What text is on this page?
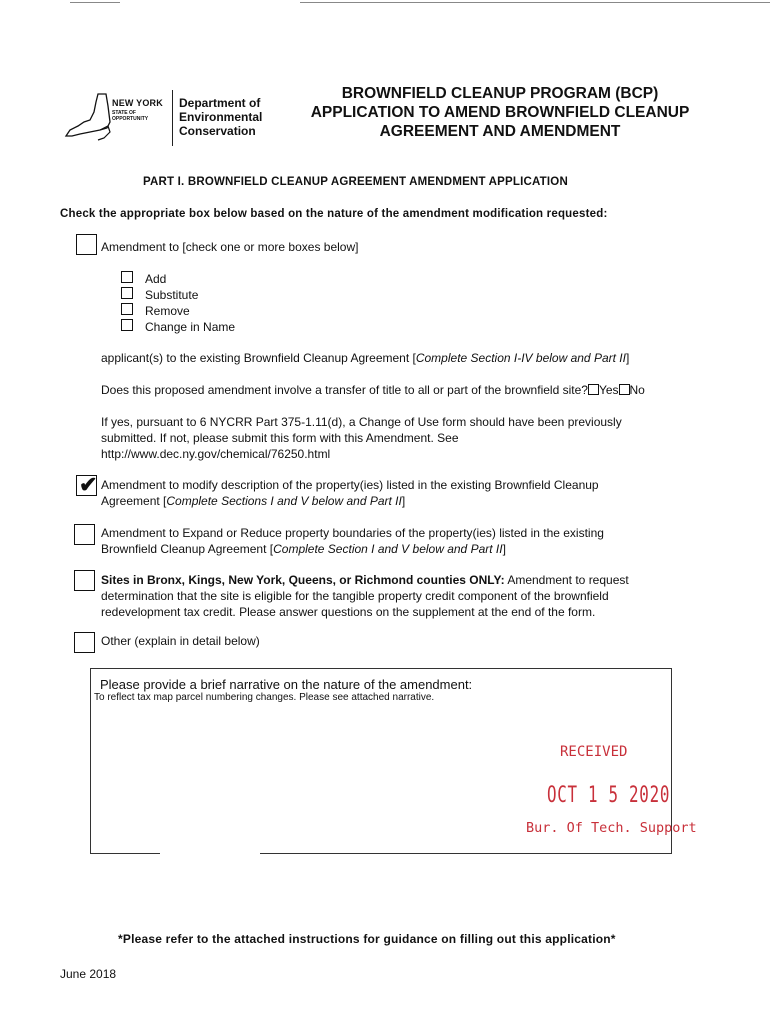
NEW YORK
STATE OF OPPORTUNITY
Department of Environmental Conservation
BROWNFIELD CLEANUP PROGRAM (BCP)
APPLICATION TO AMEND BROWNFIELD CLEANUP
AGREEMENT AND AMENDMENT
PART I. BROWNFIELD CLEANUP AGREEMENT AMENDMENT APPLICATION
Check the appropriate box below based on the nature of the amendment modification requested:
Amendment to [check one or more boxes below]
Add
Substitute
Remove
Change in Name
applicant(s) to the existing Brownfield Cleanup Agreement [Complete Section I-IV below and Part II]
Does this proposed amendment involve a transfer of title to all or part of the brownfield site? Yes No
If yes, pursuant to 6 NYCRR Part 375-1.11(d), a Change of Use form should have been previously
submitted. If not, please submit this form with this Amendment. See
http://www.dec.ny.gov/chemical/76250.html
✔ Amendment to modify description of the property(ies) listed in the existing Brownfield Cleanup
Agreement [Complete Sections I and V below and Part II]
Amendment to Expand or Reduce property boundaries of the property(ies) listed in the existing
Brownfield Cleanup Agreement [Complete Section I and V below and Part II]
Sites in Bronx, Kings, New York, Queens, or Richmond counties ONLY: Amendment to request
determination that the site is eligible for the tangible property credit component of the brownfield
redevelopment tax credit. Please answer questions on the supplement at the end of the form.
Other (explain in detail below)
Please provide a brief narrative on the nature of the amendment:
To reflect tax map parcel numbering changes. Please see attached narrative.
RECEIVED
OCT 1 5 2020
Bur. Of Tech. Support
*Please refer to the attached instructions for guidance on filling out this application*
June 2018
